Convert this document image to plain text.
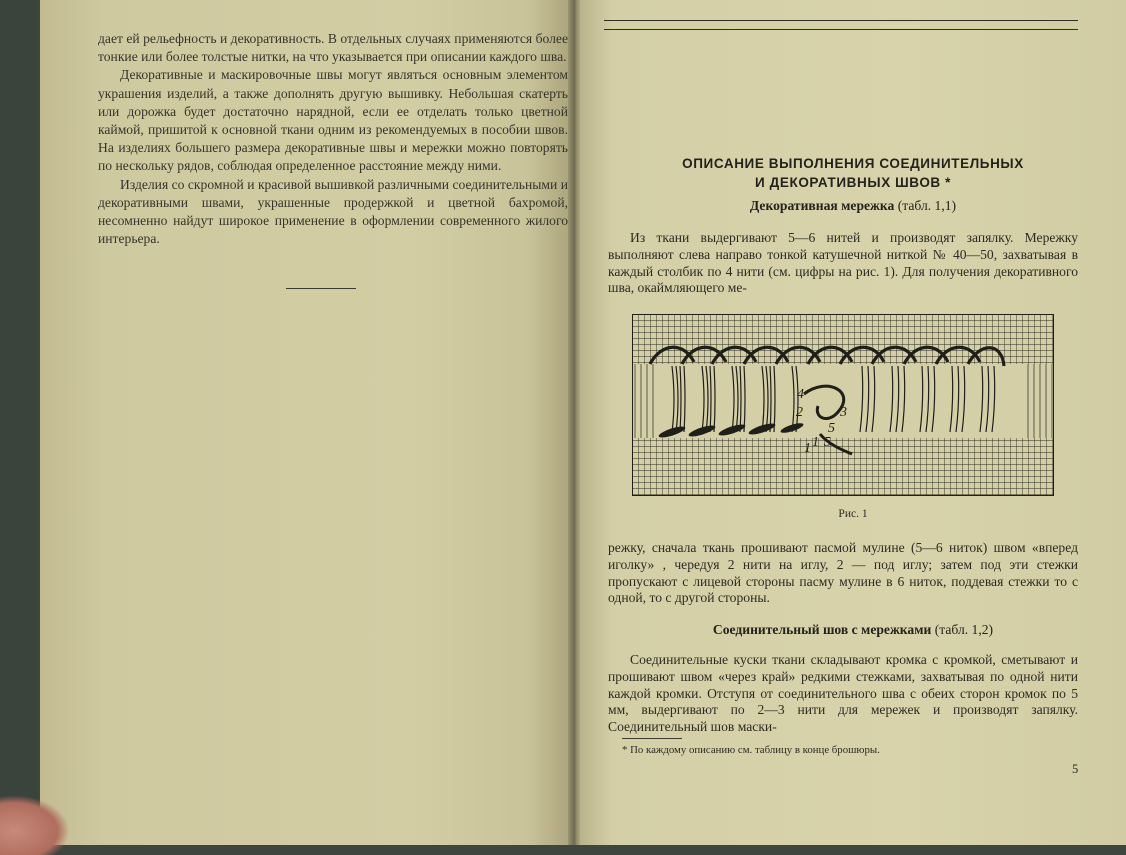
дает ей рельефность и декоративность. В отдельных случаях применяются более тонкие или более толстые нитки, на что указывается при описании каждого шва.

Декоративные и маскировочные швы могут являться основным элементом украшения изделий, а также дополнять другую вышивку. Небольшая скатерть или дорожка будет достаточно нарядной, если ее отделать только цветной каймой, пришитой к основной ткани одним из рекомендуемых в пособии швов. На изделиях большего размера декоративные швы и мережки можно повторять по нескольку рядов, соблюдая определенное расстояние между ними.

Изделия со скромной и красивой вышивкой различными соединительными и декоративными швами, украшенные продержкой и цветной бахромой, несомненно найдут широкое применение в оформлении современного жилого интерьера.

ОПИСАНИЕ ВЫПОЛНЕНИЯ СОЕДИНИТЕЛЬНЫХ
И ДЕКОРАТИВНЫХ ШВОВ *
Декоративная мережка (табл. 1,1)

Из ткани выдергивают 5—6 нитей и производят запялку. Мережку выполняют слева направо тонкой катушечной ниткой № 40—50, захватывая в каждый столбик по 4 нити (см. цифры на рис. 1). Для получения декоративного шва, окаймляющего ме-

4
2	3
1 5
1
5
Рис. 1

режку, сначала ткань прошивают пасмой мулине (5—6 ниток) швом «вперед иголку» , чередуя 2 нити на иглу, 2 — под иглу; затем под эти стежки пропускают с лицевой стороны пасму мулине в 6 ниток, поддевая стежки то с одной, то с другой стороны.

Соединительный шов с мережками (табл. 1,2)

Соединительные куски ткани складывают кромка с кромкой, сметывают и прошивают швом «через край» редкими стежками, захватывая по одной нити каждой кромки. Отступя от соединительного шва с обеих сторон кромок по 5 мм, выдергивают по 2—3 нити для мережек и производят запялку. Соединительный шов маски-

* По каждому описанию см. таблицу в конце брошюры.
5
